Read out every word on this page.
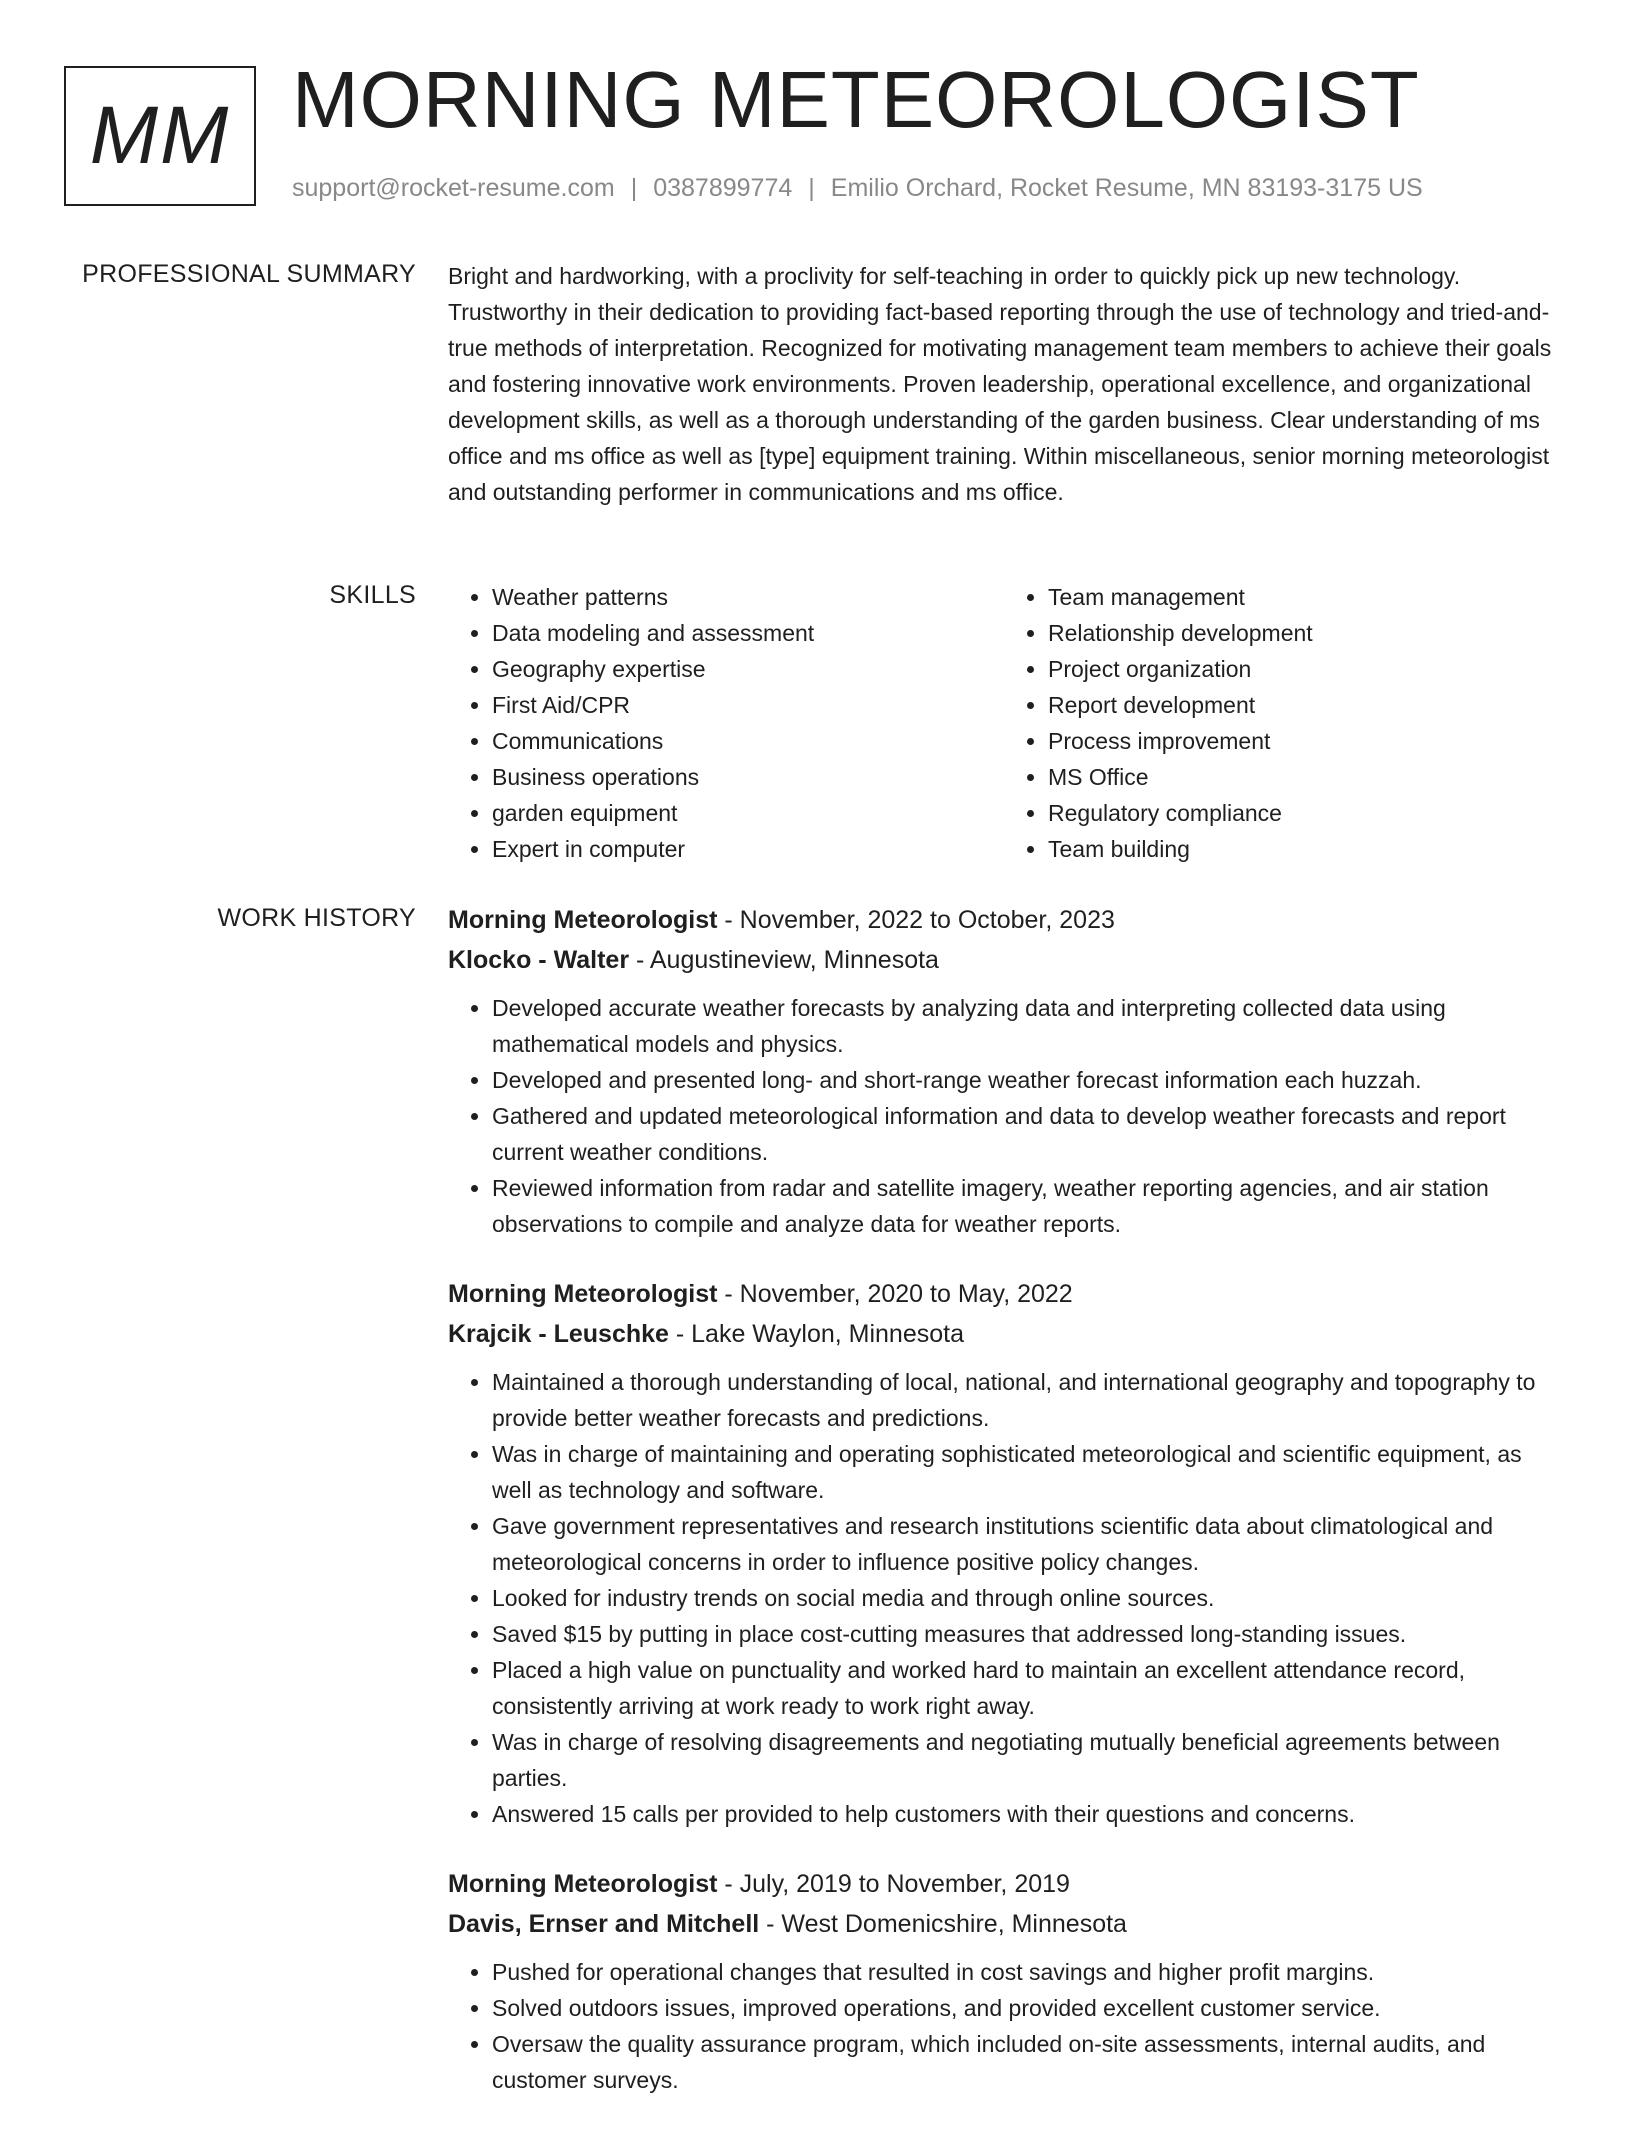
MM MORNING METEOROLOGIST
support@rocket-resume.com | 0387899774 | Emilio Orchard, Rocket Resume, MN 83193-3175 US
PROFESSIONAL SUMMARY Bright and hardworking, with a proclivity for self-teaching in order to quickly pick up new technology. Trustworthy in their dedication to providing fact-based reporting through the use of technology and tried-and-true methods of interpretation. Recognized for motivating management team members to achieve their goals and fostering innovative work environments. Proven leadership, operational excellence, and organizational development skills, as well as a thorough understanding of the garden business. Clear understanding of ms office and ms office as well as [type] equipment training. Within miscellaneous, senior morning meteorologist and outstanding performer in communications and ms office.

SKILLS
•	Weather patterns
• Data modeling and assessment
• Geography expertise
• First Aid/CPR
• Communications
• Business operations
• garden equipment
• Expert in computer
• Team management
• Relationship development
• Project organization
• Report development
• Process improvement
• MS Office
• Regulatory compliance
• Team building
WORK HISTORY Morning Meteorologist - November, 2022 to October, 2023
Klocko - Walter - Augustineview, Minnesota
• Developed accurate weather forecasts by analyzing data and interpreting collected data using mathematical models and physics.
• Developed and presented long- and short-range weather forecast information each huzzah.
• Gathered and updated meteorological information and data to develop weather forecasts and report current weather conditions.
• Reviewed information from radar and satellite imagery, weather reporting agencies, and air station observations to compile and analyze data for weather reports.
Morning Meteorologist - November, 2020 to May, 2022
Krajcik - Leuschke - Lake Waylon, Minnesota
• Maintained a thorough understanding of local, national, and international geography and topography to provide better weather forecasts and predictions.
• Was in charge of maintaining and operating sophisticated meteorological and scientific equipment, as well as technology and software.
• Gave government representatives and research institutions scientific data about climatological and meteorological concerns in order to influence positive policy changes.
• Looked for industry trends on social media and through online sources.
• Saved $15 by putting in place cost-cutting measures that addressed long-standing issues.
• Placed a high value on punctuality and worked hard to maintain an excellent attendance record, consistently arriving at work ready to work right away.
• Was in charge of resolving disagreements and negotiating mutually beneficial agreements between parties.
• Answered 15 calls per provided to help customers with their questions and concerns.
Morning Meteorologist - July, 2019 to November, 2019
Davis, Ernser and Mitchell - West Domenicshire, Minnesota
• Pushed for operational changes that resulted in cost savings and higher profit margins.
• Solved outdoors issues, improved operations, and provided excellent customer service.
• Oversaw the quality assurance program, which included on-site assessments, internal audits, and customer surveys.
